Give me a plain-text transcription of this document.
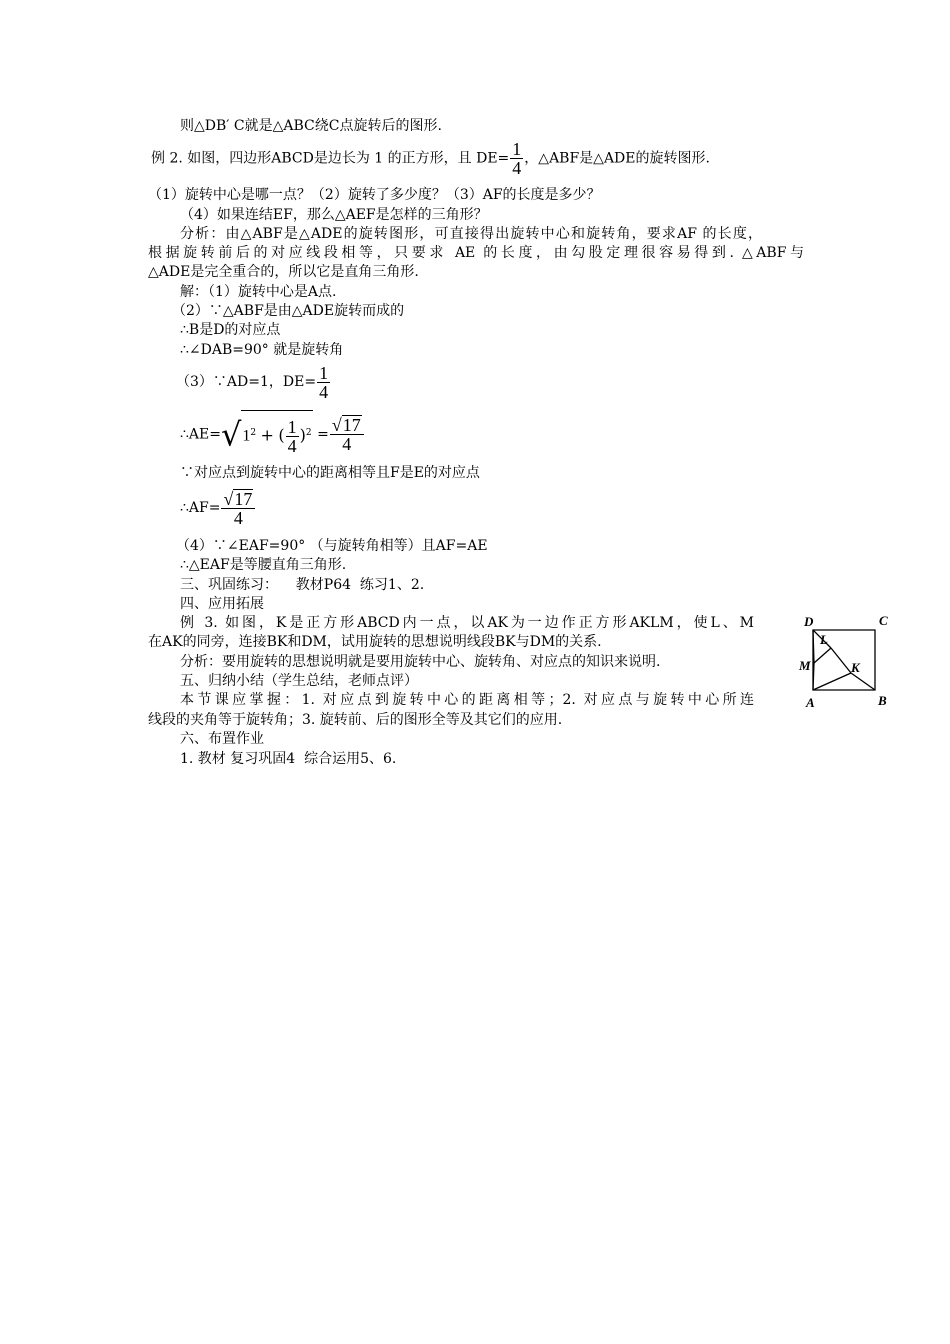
则△DB′ C就是△ABC绕C点旋转后的图形.
例 2. 如图，四边形ABCD是边长为 1 的正方形，且 $DE= \frac{1}{4}$ ，△ABF是△ADE的旋转图形.
（1）旋转中心是哪一点？（2）旋转了多少度？（3）AF的长度是多少？
（4）如果连结EF，那么△AEF是怎样的三角形？
分析：由△ABF是△ADE的旋转图形，可直接得出旋转中心和旋转角，要求AF 的长度，
根据旋转前后的对应线段相等，只要求 AE 的长度，由勾股定理很容易得到. △ABF与
△ADE是完全重合的，所以它是直角三角形.
解：（1）旋转中心是A点.
（2）∵△ABF是由△ADE旋转而成的
∴B是D的对应点
∴∠DAB=90° 就是旋转角
（3）∵AD=1，$DE= \frac{1}{4}$
$\therefore AE=√1^2$ + ( $\frac{1}{4} )^2 = \frac{√17}{4}$
∵对应点到旋转中心的距离相等且F是E的对应点
∴AF= $\frac{√17}{4}$
（4）∵∠EAF=90° （与旋转角相等）且AF=AE
∴△EAF是等腰直角三角形.
三、巩固练习：    教材P64  练习1、2.
四、应用拓展
例 3. 如图，K是正方形ABCD内一点，以AK为一边作正方形AKLM，使L、M
在AK的同旁，连接BK和DM，试用旋转的思想说明线段BK与DM的关系.
分析：要用旋转的思想说明就是要用旋转中心、旋转角、对应点的知识来说明.
五、归纳小结（学生总结，老师点评）
本节课应掌握：1. 对应点到旋转中心的距离相等；2. 对应点与旋转中心所连
线段的夹角等于旋转角；3. 旋转前、后的图形全等及其它们的应用.
六、布置作业
1. 教材 复习巩固4  综合运用5、6.
D	C
L
M	K
A	B
